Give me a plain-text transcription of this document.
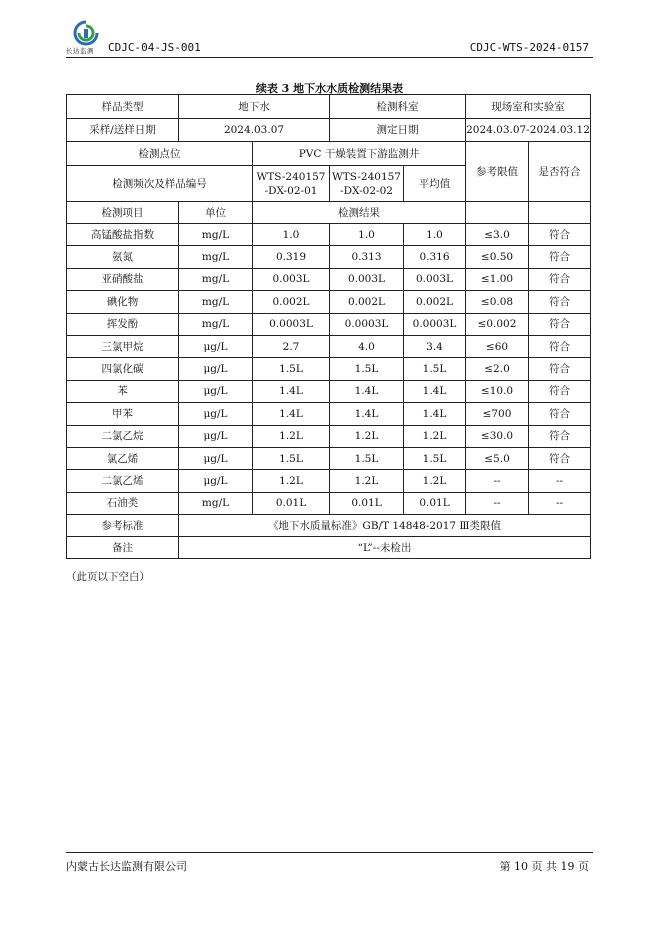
长达监测 CDJC-04-JS-001	CDJC-WTS-2024-0157
续表 3 地下水水质检测结果表
样品类型	地下水		检测科室		现场室和实验室	
采样/送样日期	2024.03.07		测定日期		2024.03.07-2024.03.12	
检测点位		PVC 干燥装置下游监测井			参考限值	是否符合
检测频次及样品编号		WTS-240157
-DX-02-01	WTS-240157
-DX-02-02	平均值		
检测项目	单位	检测结果				
高锰酸盐指数	mg/L	1.0	1.0	1.0	≤3.0	符合
氨氮	mg/L	0.319	0.313	0.316	≤0.50	符合
亚硝酸盐	mg/L	0.003L	0.003L	0.003L	≤1.00	符合
碘化物	mg/L	0.002L	0.002L	0.002L	≤0.08	符合
挥发酚	mg/L	0.0003L	0.0003L	0.0003L	≤0.002	符合
三氯甲烷	μg/L	2.7	4.0	3.4	≤60	符合
四氯化碳	μg/L	1.5L	1.5L	1.5L	≤2.0	符合
苯	μg/L	1.4L	1.4L	1.4L	≤10.0	符合
甲苯	μg/L	1.4L	1.4L	1.4L	≤700	符合
二氯乙烷	μg/L	1.2L	1.2L	1.2L	≤30.0	符合
氯乙烯	μg/L	1.5L	1.5L	1.5L	≤5.0	符合
二氯乙烯	μg/L	1.2L	1.2L	1.2L	--	--
石油类	mg/L	0.01L	0.01L	0.01L	--	--
参考标准	《地下水质量标准》GB/T 14848-2017 Ⅲ类限值					
备注	“L”--未检出					
（此页以下空白）
内蒙古长达监测有限公司	第 10 页 共 19 页
